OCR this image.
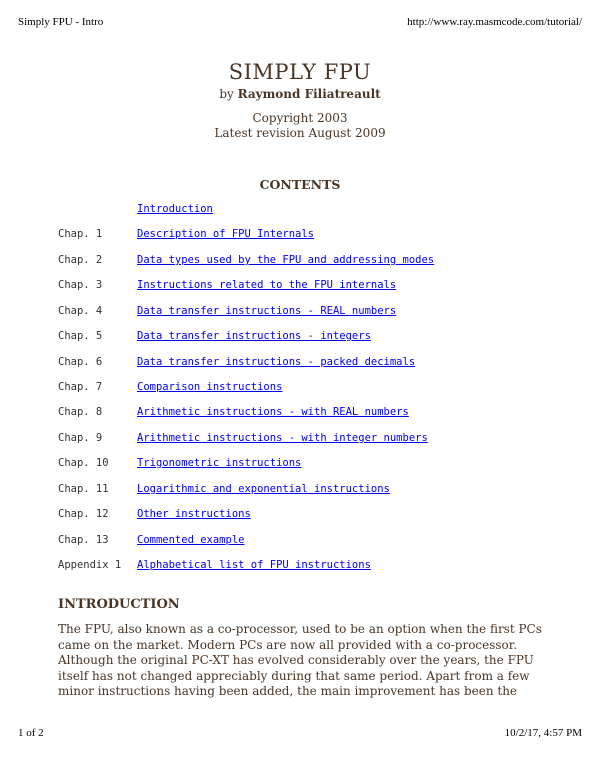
Simply FPU - Intro	http://www.ray.masmcode.com/tutorial/
SIMPLY FPU
by Raymond Filiatreault
Copyright 2003
Latest revision August 2009
CONTENTS
Introduction
Chap. 1	Description of FPU Internals
Chap. 2	Data types used by the FPU and addressing modes
Chap. 3	Instructions related to the FPU internals
Chap. 4	Data transfer instructions - REAL numbers
Chap. 5	Data transfer instructions - integers
Chap. 6	Data transfer instructions - packed decimals
Chap. 7	Comparison instructions
Chap. 8	Arithmetic instructions - with REAL numbers
Chap. 9	Arithmetic instructions - with integer numbers
Chap. 10	Trigonometric instructions
Chap. 11	Logarithmic and exponential instructions
Chap. 12	Other instructions
Chap. 13	Commented example
Appendix 1 Alphabetical list of FPU instructions
INTRODUCTION
The FPU, also known as a co-processor, used to be an option when the first PCs
came on the market. Modern PCs are now all provided with a co-processor.
Although the original PC-XT has evolved considerably over the years, the FPU
itself has not changed appreciably during that same period. Apart from a few
minor instructions having been added, the main improvement has been the
1 of 2	10/2/17, 4:57 PM
